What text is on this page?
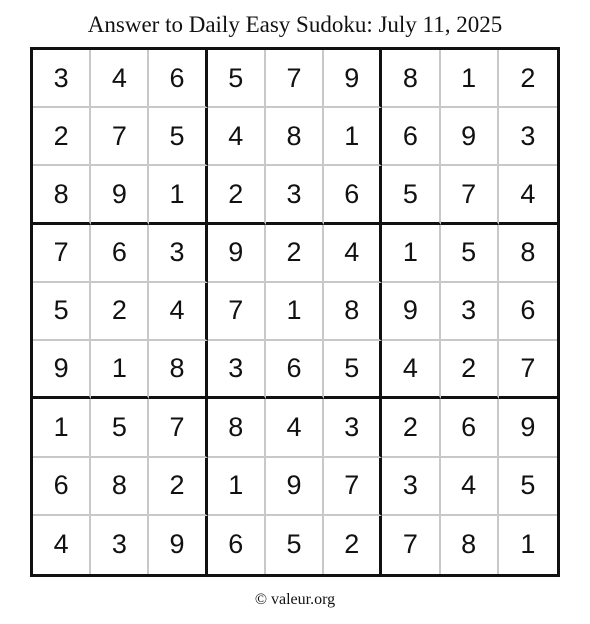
Answer to Daily Easy Sudoku: July 11, 2025
3	4	6	5	7	9	8	1	2
2	7	5	4	8	1	6	9	3
8	9	1	2	3	6	5	7	4
7	6	3	9	2	4	1	5	8
5	2	4	7	1	8	9	3	6
9	1	8	3	6	5	4	2	7
1	5	7	8	4	3	2	6	9
6	8	2	1	9	7	3	4	5
4	3	9	6	5	2	7	8	1
© valeur.org
